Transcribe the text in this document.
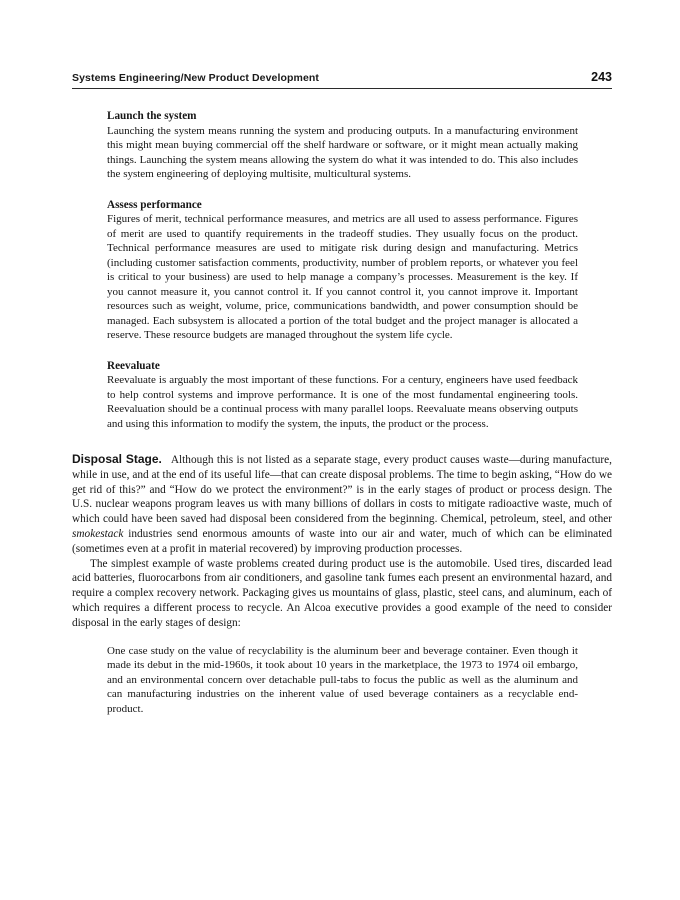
Systems Engineering/New Product Development	243
Launch the system

Launching the system means running the system and producing outputs. In a manufacturing environment this might mean buying commercial off the shelf hardware or software, or it might mean actually making things. Launching the system means allowing the system do what it was intended to do. This also includes the system engineering of deploying multisite, multicultural systems.

Assess performance

Figures of merit, technical performance measures, and metrics are all used to assess performance. Figures of merit are used to quantify requirements in the tradeoff studies. They usually focus on the product. Technical performance measures are used to mitigate risk during design and manufacturing. Metrics (including customer satisfaction comments, productivity, number of problem reports, or whatever you feel is critical to your business) are used to help manage a company’s processes. Measurement is the key. If you cannot measure it, you cannot control it. If you cannot control it, you cannot improve it. Important resources such as weight, volume, price, communications bandwidth, and power consumption should be managed. Each subsystem is allocated a portion of the total budget and the project manager is allocated a reserve. These resource budgets are managed throughout the system life cycle.

Reevaluate

Reevaluate is arguably the most important of these functions. For a century, engineers have used feedback to help control systems and improve performance. It is one of the most fundamental engineering tools. Reevaluation should be a continual process with many parallel loops. Reevaluate means observing outputs and using this information to modify the system, the inputs, the product or the process.

Disposal Stage. Although this is not listed as a separate stage, every product causes waste—during manufacture, while in use, and at the end of its useful life—that can create disposal problems. The time to begin asking, “How do we get rid of this?” and “How do we protect the environment?” is in the early stages of product or process design. The U.S. nuclear weapons program leaves us with many billions of dollars in costs to mitigate radioactive waste, much of which could have been saved had disposal been considered from the beginning. Chemical, petroleum, steel, and other smokestack industries send enormous amounts of waste into our air and water, much of which can be eliminated (sometimes even at a profit in material recovered) by improving production processes.

The simplest example of waste problems created during product use is the automobile. Used tires, discarded lead acid batteries, fluorocarbons from air conditioners, and gasoline tank fumes each present an environmental hazard, and require a complex recovery network. Packaging gives us mountains of glass, plastic, steel cans, and aluminum, each of which requires a different process to recycle. An Alcoa executive provides a good example of the need to consider disposal in the early stages of design:

One case study on the value of recyclability is the aluminum beer and beverage container. Even though it made its debut in the mid-1960s, it took about 10 years in the marketplace, the 1973 to 1974 oil embargo, and an environmental concern over detachable pull-tabs to focus the public as well as the aluminum and can manufacturing industries on the inherent value of used beverage containers as a recyclable end-product.
